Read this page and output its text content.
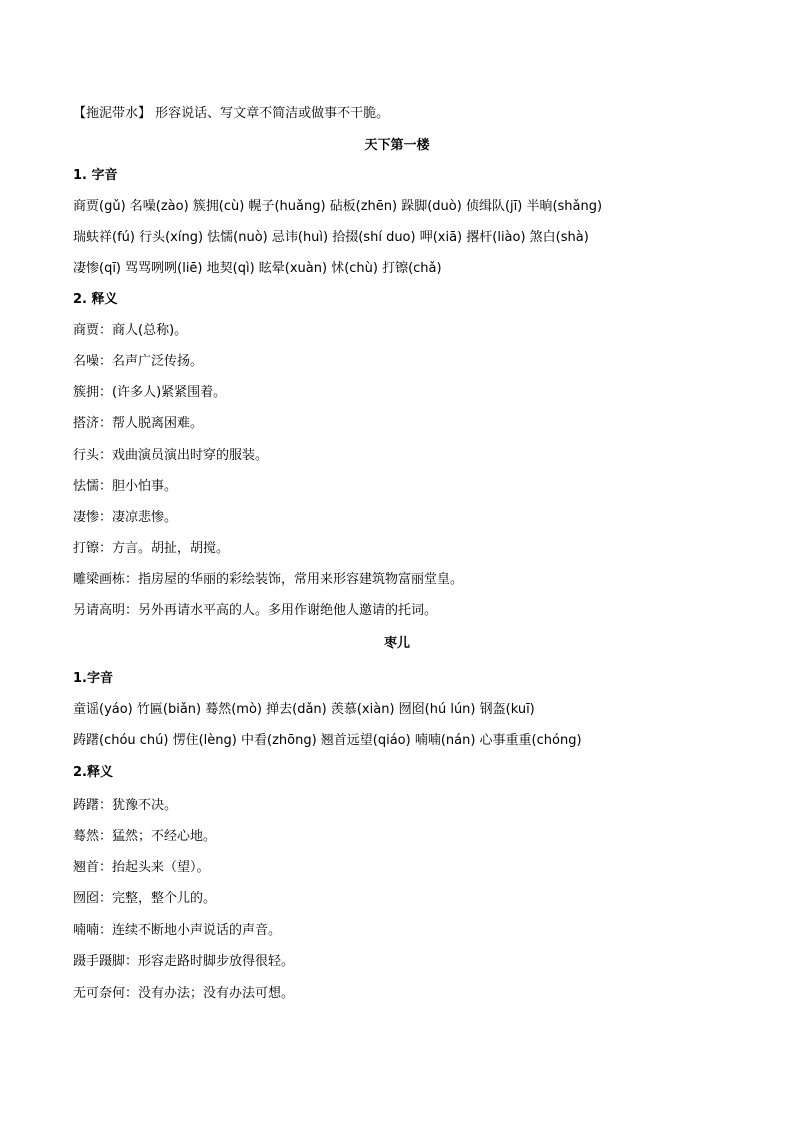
【拖泥带水】 形容说话、写文章不简洁或做事不干脆。
天下第一楼
1. 字音
商贾(gǔ) 名噪(zào) 簇拥(cù) 幌子(huǎng) 砧板(zhēn) 跺脚(duò) 侦缉队(jī) 半晌(shǎng)
瑞蚨祥(fú) 行头(xíng) 怯懦(nuò) 忌讳(huì) 拾掇(shí duo) 呷(xiā) 撂杆(liào) 煞白(shà)
凄惨(qī) 骂骂咧咧(liē) 地契(qì) 眩晕(xuàn) 怵(chù) 打镲(chǎ)
2. 释义
商贾：商人(总称)。
名噪：名声广泛传扬。
簇拥：(许多人)紧紧围着。
搭济：帮人脱离困难。
行头：戏曲演员演出时穿的服装。
怯懦：胆小怕事。
凄惨：凄凉悲惨。
打镲：方言。胡扯，胡搅。
雕梁画栋：指房屋的华丽的彩绘装饰，常用来形容建筑物富丽堂皇。
另请高明：另外再请水平高的人。多用作谢绝他人邀请的托词。
枣儿
1.字音
童谣(yáo) 竹匾(biǎn) 蓦然(mò) 掸去(dǎn) 羡慕(xiàn) 囫囵(hú lún) 钢盔(kuī)
踌躇(chóu chú) 愣住(lèng) 中看(zhōng) 翘首远望(qiáo) 喃喃(nán) 心事重重(chóng)
2.释义
踌躇：犹豫不决。
蓦然：猛然；不经心地。
翘首：抬起头来（望）。
囫囵：完整，整个儿的。
喃喃：连续不断地小声说话的声音。
蹑手蹑脚：形容走路时脚步放得很轻。
无可奈何：没有办法；没有办法可想。
